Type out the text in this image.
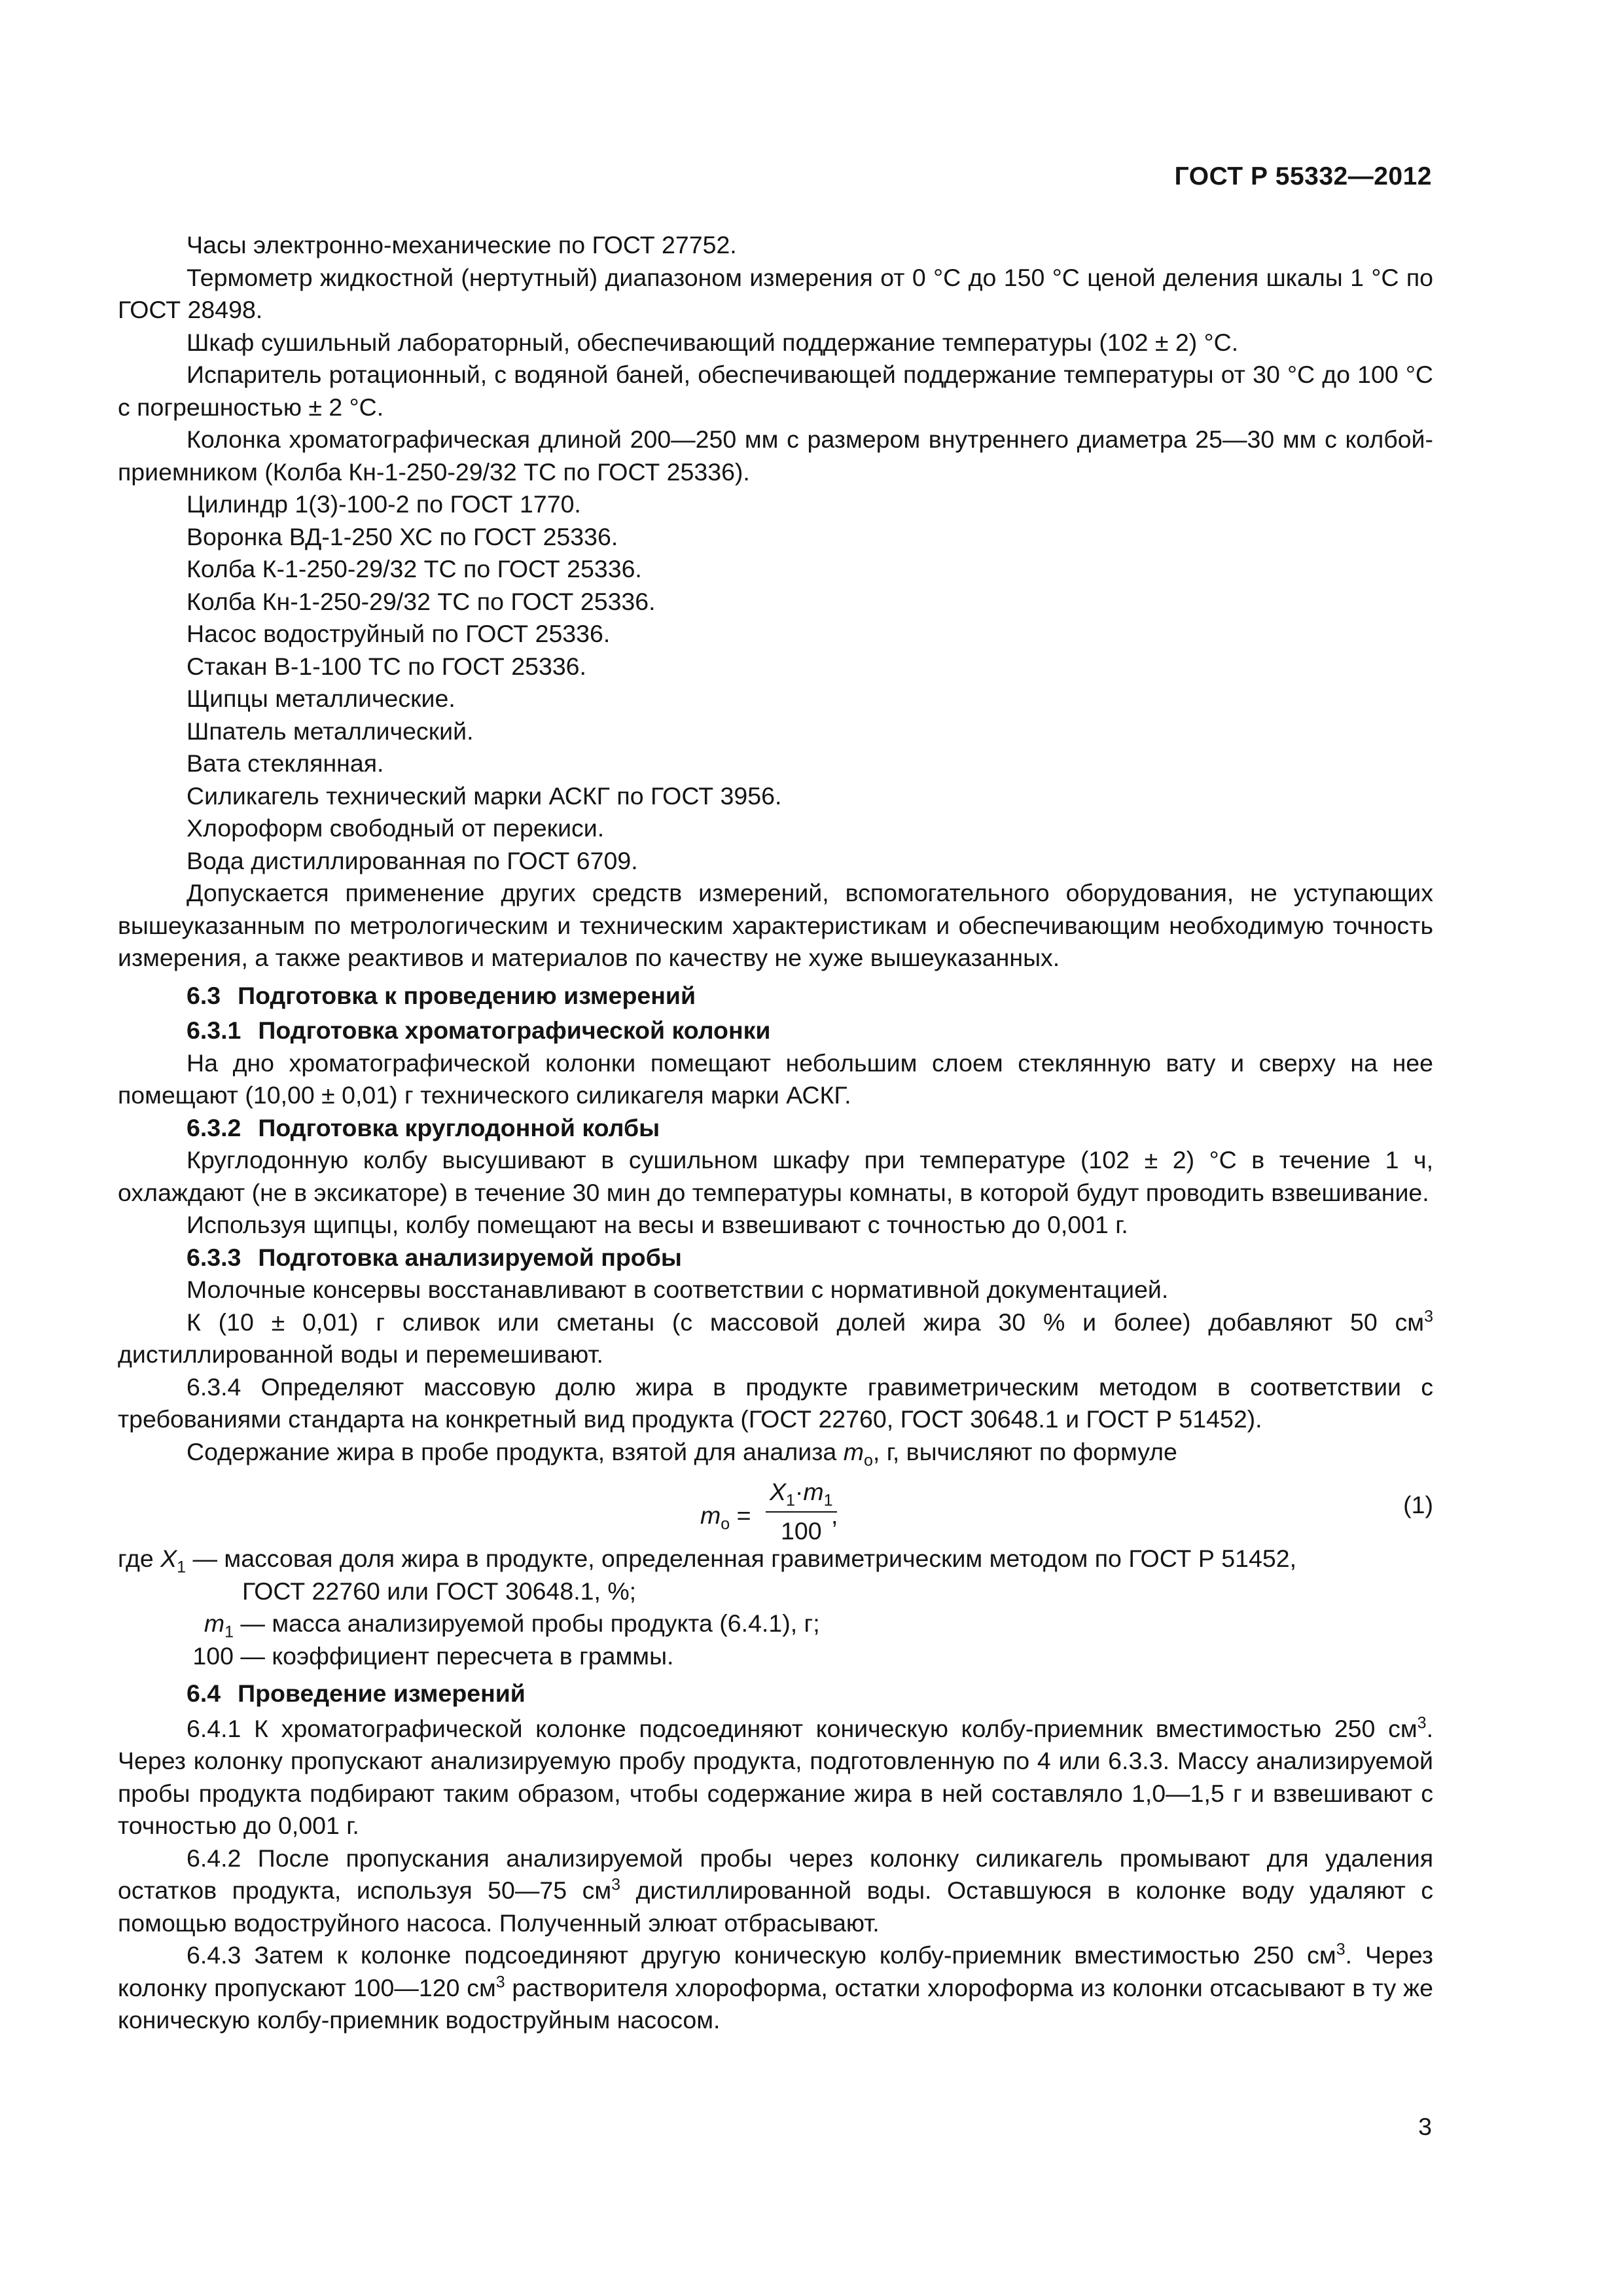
ГОСТ Р 55332—2012

Часы электронно-механические по ГОСТ 27752.

Термометр жидкостной (нертутный) диапазоном измерения от 0 °С до 150 °С ценой деления шкалы 1 °С по ГОСТ 28498.

Шкаф сушильный лабораторный, обеспечивающий поддержание температуры (102 ± 2) °С.

Испаритель ротационный, с водяной баней, обеспечивающей поддержание температуры от 30 °С до 100 °С с погрешностью ± 2 °С.

Колонка хроматографическая длиной 200—250 мм с размером внутреннего диаметра 25—30 мм с колбой-приемником (Колба Кн-1-250-29/32 ТС по ГОСТ 25336).

Цилиндр 1(3)-100-2 по ГОСТ 1770.

Воронка ВД-1-250 ХС по ГОСТ 25336.

Колба К-1-250-29/32 ТС по ГОСТ 25336.

Колба Кн-1-250-29/32 ТС по ГОСТ 25336.

Насос водоструйный по ГОСТ 25336.

Стакан В-1-100 ТС по ГОСТ 25336.

Щипцы металлические.

Шпатель металлический.

Вата стеклянная.

Силикагель технический марки АСКГ по ГОСТ 3956.

Хлороформ свободный от перекиси.

Вода дистиллированная по ГОСТ 6709.

Допускается применение других средств измерений, вспомогательного оборудования, не уступающих вышеуказанным по метрологическим и техническим характеристикам и обеспечивающим необходимую точность измерения, а также реактивов и материалов по качеству не хуже вышеуказанных.

6.3 Подготовка к проведению измерений

6.3.1 Подготовка хроматографической колонки

На дно хроматографической колонки помещают небольшим слоем стеклянную вату и сверху на нее помещают (10,00 ± 0,01) г технического силикагеля марки АСКГ.

6.3.2 Подготовка круглодонной колбы

Круглодонную колбу высушивают в сушильном шкафу при температуре (102 ± 2) °С в течение 1 ч, охлаждают (не в эксикаторе) в течение 30 мин до температуры комнаты, в которой будут проводить взвешивание.

Используя щипцы, колбу помещают на весы и взвешивают с точностью до 0,001 г.

6.3.3 Подготовка анализируемой пробы

Молочные консервы восстанавливают в соответствии с нормативной документацией.

К (10 ± 0,01) г сливок или сметаны (с массовой долей жира 30 % и более) добавляют 50 $см^3$ дистиллированной воды и перемешивают.

6.3.4 Определяют массовую долю жира в продукте гравиметрическим методом в соответствии с требованиями стандарта на конкретный вид продукта (ГОСТ 22760, ГОСТ 30648.1 и ГОСТ Р 51452).

Содержание жира в пробе продукта, взятой для анализа $m_о$, г, вычисляют по формуле

$m_о = \frac{X_1\cdot m_1}{100}$
,	(1)

где $X_1$ — массовая доля жира в продукте, определенная гравиметрическим методом по ГОСТ Р 51452,

ГОСТ 22760 или ГОСТ 30648.1, %;

$m_1$ — масса анализируемой пробы продукта (6.4.1), г;

100 — коэффициент пересчета в граммы.

6.4 Проведение измерений

6.4.1 К хроматографической колонке подсоединяют коническую колбу-приемник вместимостью 250 $см^3$. Через колонку пропускают анализируемую пробу продукта, подготовленную по 4 или 6.3.3. Массу анализируемой пробы продукта подбирают таким образом, чтобы содержание жира в ней составляло 1,0—1,5 г и взвешивают с точностью до 0,001 г.

6.4.2 После пропускания анализируемой пробы через колонку силикагель промывают для удаления остатков продукта, используя 50—75 $см^3$ дистиллированной воды. Оставшуюся в колонке воду удаляют с помощью водоструйного насоса. Полученный элюат отбрасывают.

6.4.3 Затем к колонке подсоединяют другую коническую колбу-приемник вместимостью 250 $см^3$. Через колонку пропускают 100—120 $см^3$ растворителя хлороформа, остатки хлороформа из колонки отсасывают в ту же коническую колбу-приемник водоструйным насосом.

3
